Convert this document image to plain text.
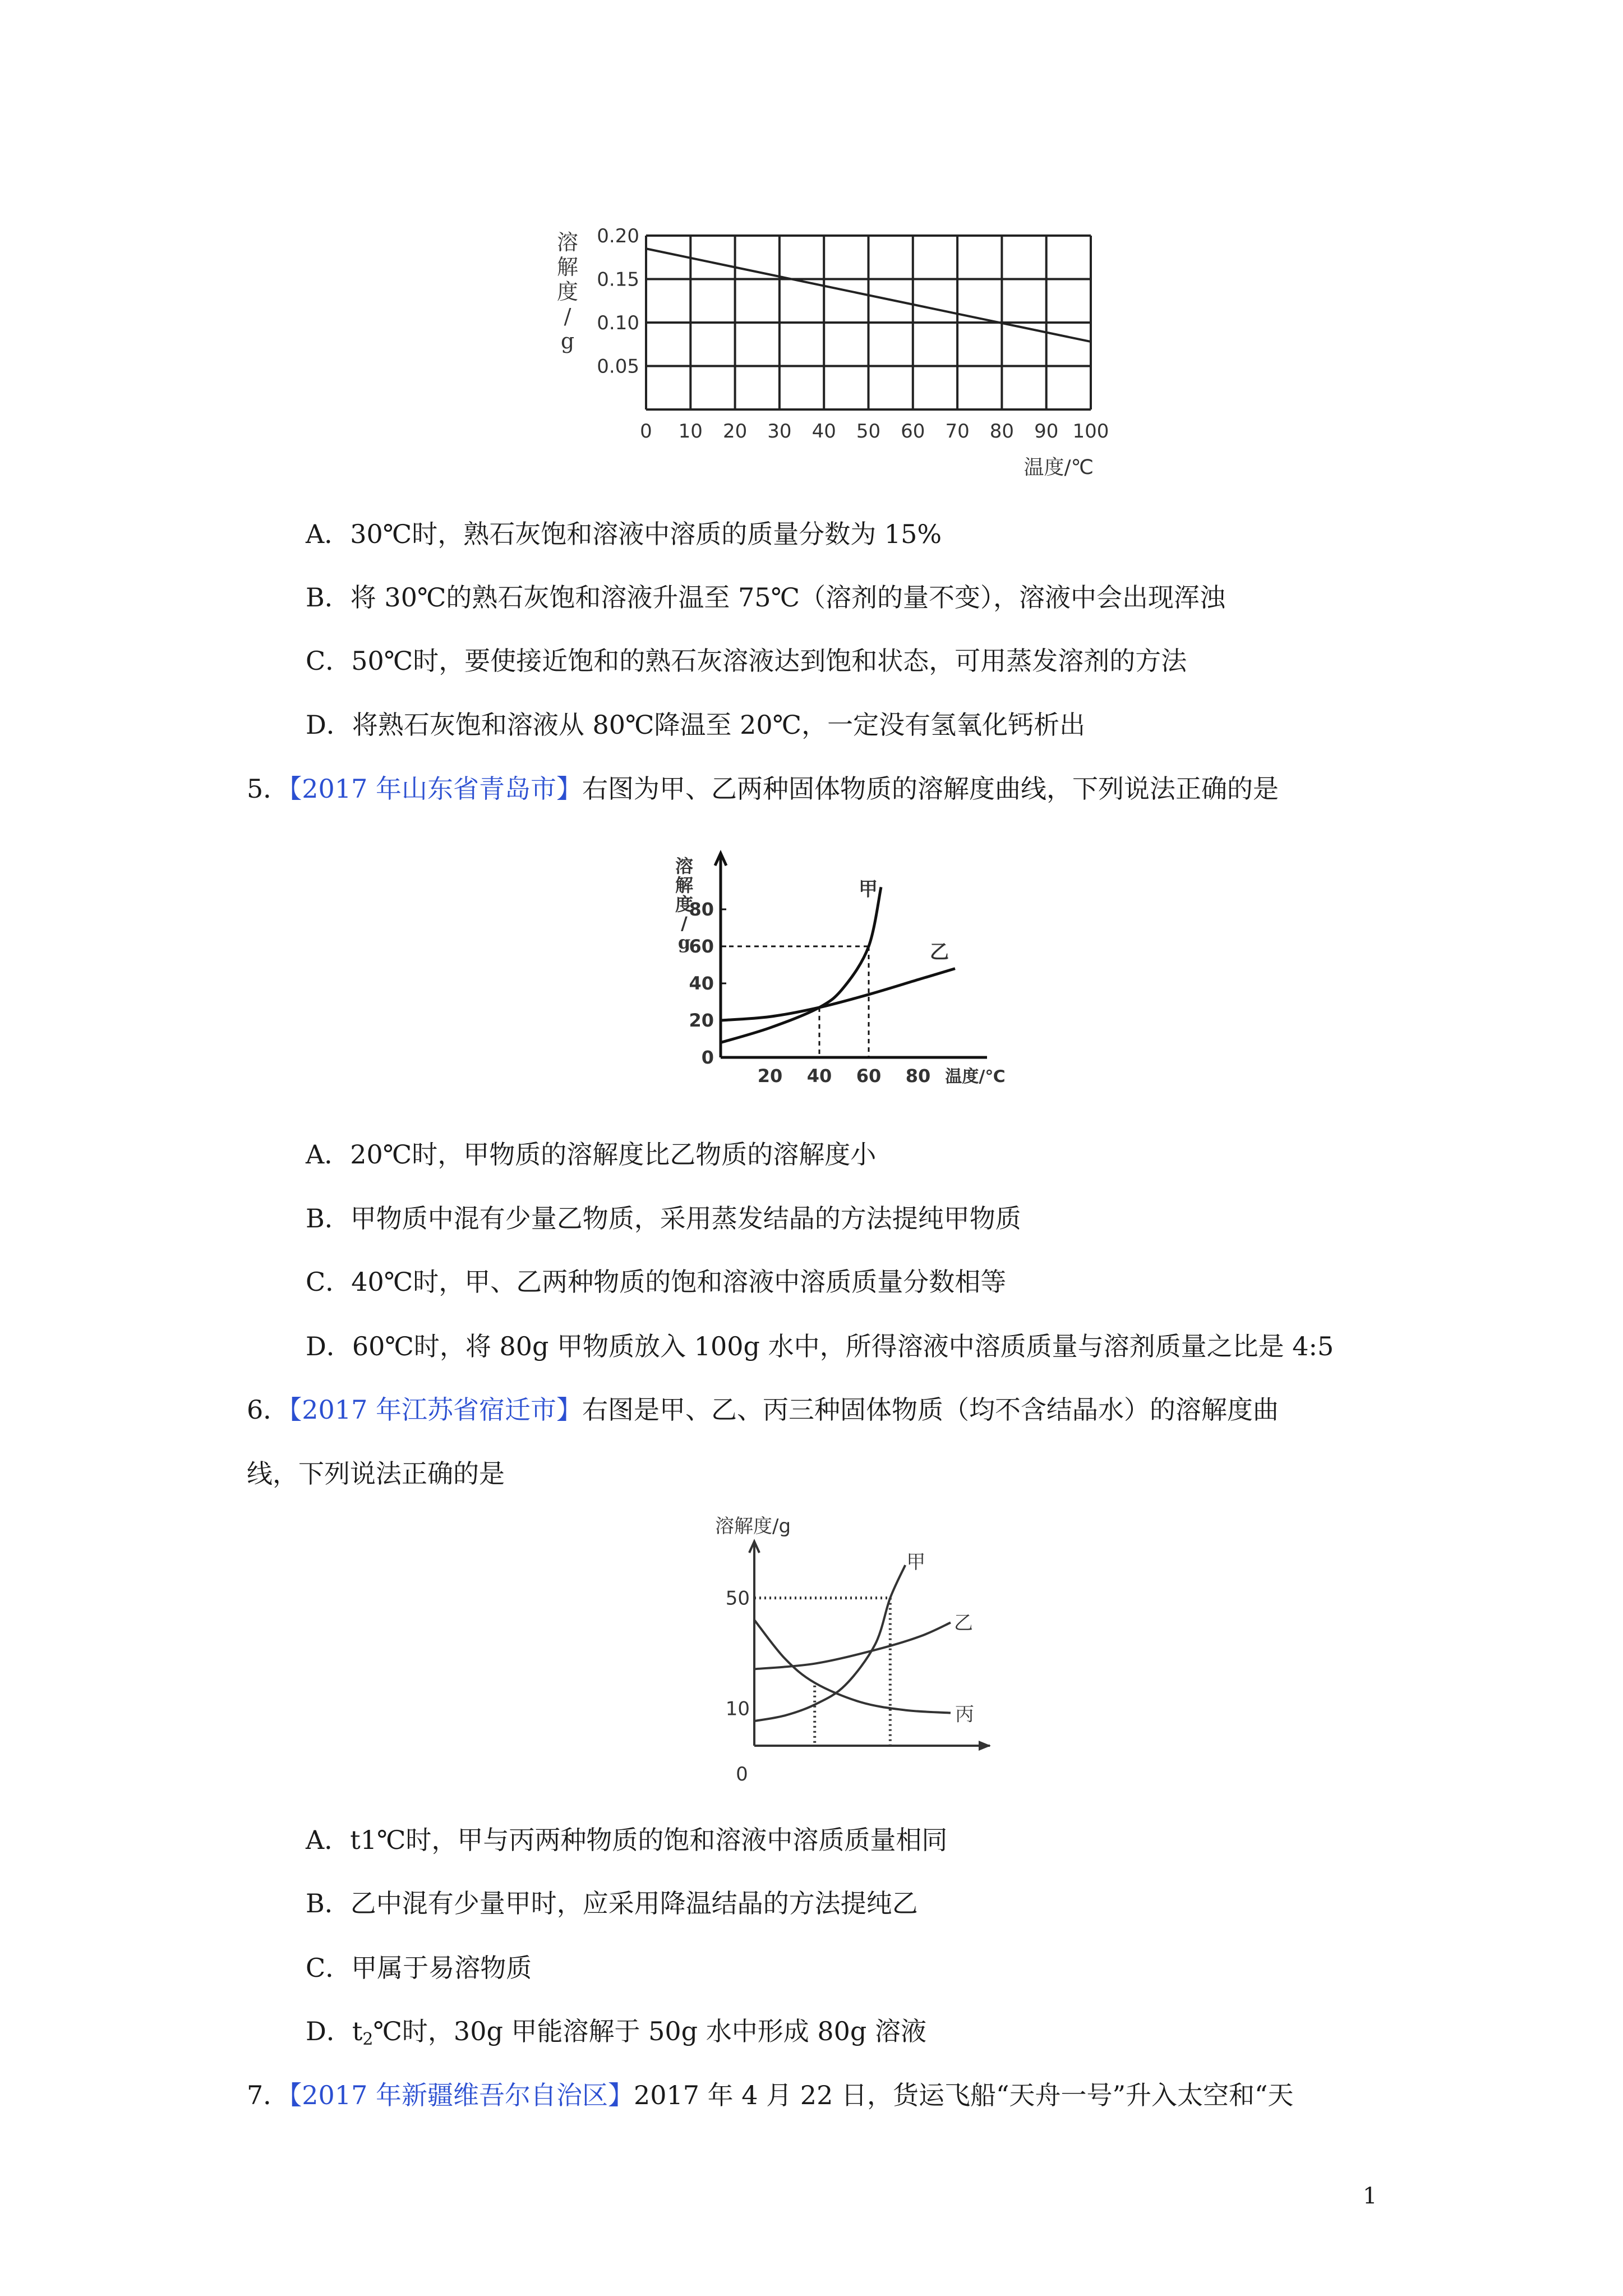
溶
解
度
/
g
0 10 20 30 40 50 60 70 80 90 100
0.20
0.15
0.10
0.05
温度/℃
A．30℃时，熟石灰饱和溶液中溶质的质量分数为 15%
B．将 30℃的熟石灰饱和溶液升温至 75℃（溶剂的量不变），溶液中会出现浑浊
C．50℃时，要使接近饱和的熟石灰溶液达到饱和状态，可用蒸发溶剂的方法
D．将熟石灰饱和溶液从 80℃降温至 20℃，一定没有氢氧化钙析出
5．【2017 年山东省青岛市】右图为甲、乙两种固体物质的溶解度曲线，下列说法正确的是
溶
解
度
/
g
0
20
40
60
80
20 40 60 80 温度/℃
甲
乙
A．20℃时，甲物质的溶解度比乙物质的溶解度小
B．甲物质中混有少量乙物质，采用蒸发结晶的方法提纯甲物质
C．40℃时，甲、乙两种物质的饱和溶液中溶质质量分数相等
D．60℃时，将 80g 甲物质放入 100g 水中，所得溶液中溶质质量与溶剂质量之比是 4:5
6．【2017 年江苏省宿迁市】右图是甲、乙、丙三种固体物质（均不含结晶水）的溶解度曲
线，下列说法正确的是
溶解度/g
0
50
10
甲
乙
丙
A．t1℃时，甲与丙两种物质的饱和溶液中溶质质量相同
B．乙中混有少量甲时，应采用降温结晶的方法提纯乙
C．甲属于易溶物质
D．$t_2℃$时，30g 甲能溶解于 50g 水中形成 80g 溶液
7．【2017 年新疆维吾尔自治区】2017 年 4 月 22 日，货运飞船“天舟一号”升入太空和“天
1
